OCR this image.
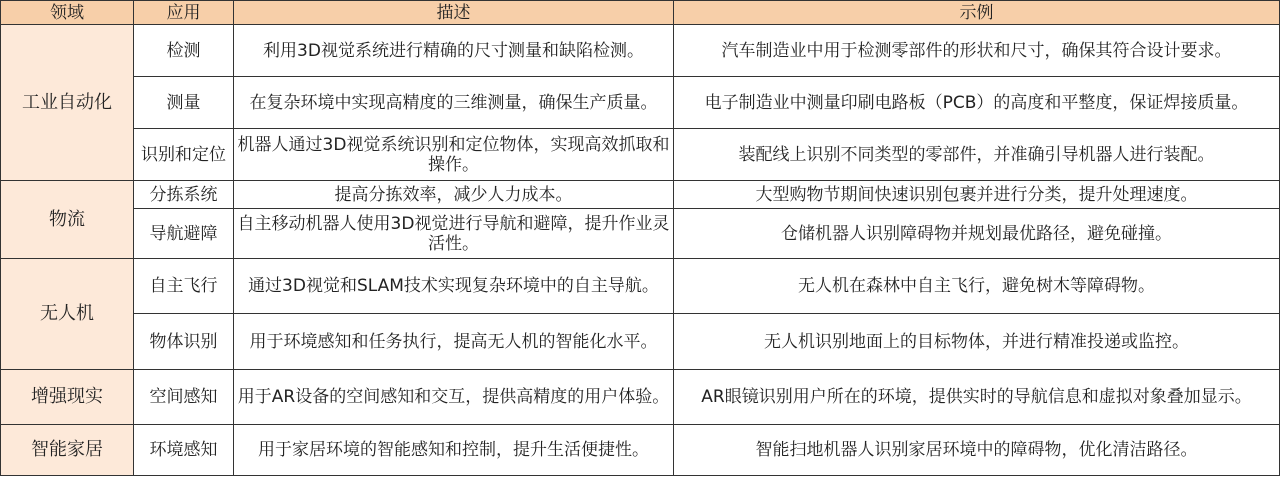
领域	应用	描述	示例
工业自动化	检测	利用3D视觉系统进行精确的尺寸测量和缺陷检测。	汽车制造业中用于检测零部件的形状和尺寸，确保其符合设计要求。
	测量	在复杂环境中实现高精度的三维测量，确保生产质量。	电子制造业中测量印刷电路板（PCB）的高度和平整度，保证焊接质量。
	识别和定位	机器人通过3D视觉系统识别和定位物体，实现高效抓取和操作。	装配线上识别不同类型的零部件，并准确引导机器人进行装配。
物流	分拣系统	提高分拣效率，减少人力成本。	大型购物节期间快速识别包裹并进行分类，提升处理速度。
	导航避障	自主移动机器人使用3D视觉进行导航和避障，提升作业灵活性。	仓储机器人识别障碍物并规划最优路径，避免碰撞。
无人机	自主飞行	通过3D视觉和SLAM技术实现复杂环境中的自主导航。	无人机在森林中自主飞行，避免树木等障碍物。
	物体识别	用于环境感知和任务执行，提高无人机的智能化水平。	无人机识别地面上的目标物体，并进行精准投递或监控。
增强现实	空间感知	用于AR设备的空间感知和交互，提供高精度的用户体验。	AR眼镜识别用户所在的环境，提供实时的导航信息和虚拟对象叠加显示。
智能家居	环境感知	用于家居环境的智能感知和控制，提升生活便捷性。	智能扫地机器人识别家居环境中的障碍物，优化清洁路径。
